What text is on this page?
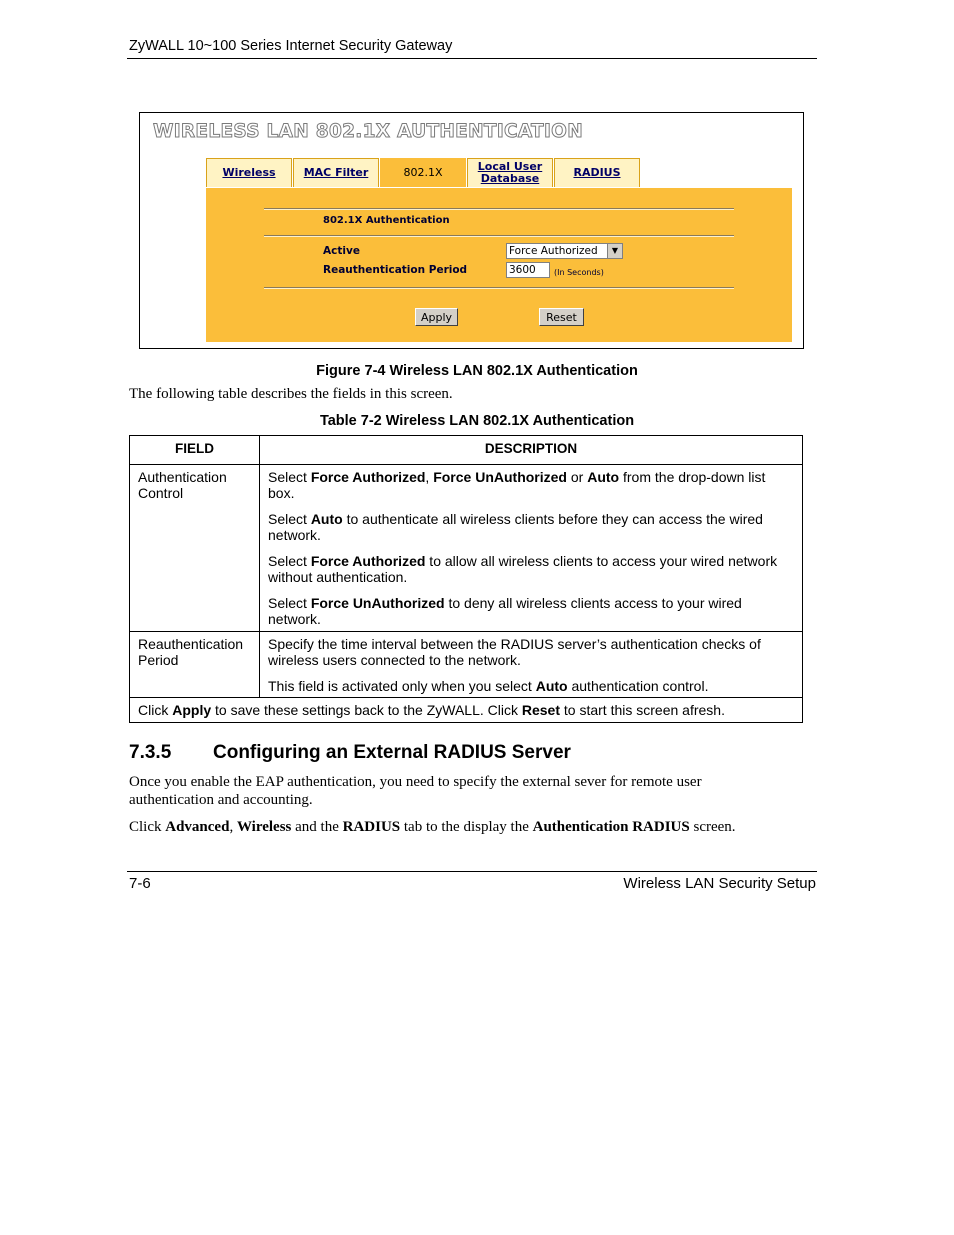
ZyWALL 10~100 Series Internet Security Gateway
WIRELESS LAN 802.1X AUTHENTICATION
Wireless	MAC Filter	802.1X	Local User Database	RADIUS
802.1X Authentication
Active	Force Authorized	▼
Reauthentication Period	3600	(In Seconds)
Apply	Reset
Figure 7-4 Wireless LAN 802.1X Authentication
The following table describes the fields in this screen.
Table 7-2 Wireless LAN 802.1X Authentication
FIELD	DESCRIPTION
Authentication Control	Select Force Authorized, Force UnAuthorized or Auto from the drop-down list box.

Select Auto to authenticate all wireless clients before they can access the wired network.

Select Force Authorized to allow all wireless clients to access your wired network without authentication.

Select Force UnAuthorized to deny all wireless clients access to your wired network.

Reauthentication Period	Specify the time interval between the RADIUS server’s authentication checks of wireless users connected to the network.

This field is activated only when you select Auto authentication control.

Click Apply to save these settings back to the ZyWALL. Click Reset to start this screen afresh.	
7.3.5 Configuring an External RADIUS Server
Once you enable the EAP authentication, you need to specify the external sever for remote user authentication and accounting.
Click Advanced, Wireless and the RADIUS tab to the display the Authentication RADIUS screen.
7-6	Wireless LAN Security Setup
